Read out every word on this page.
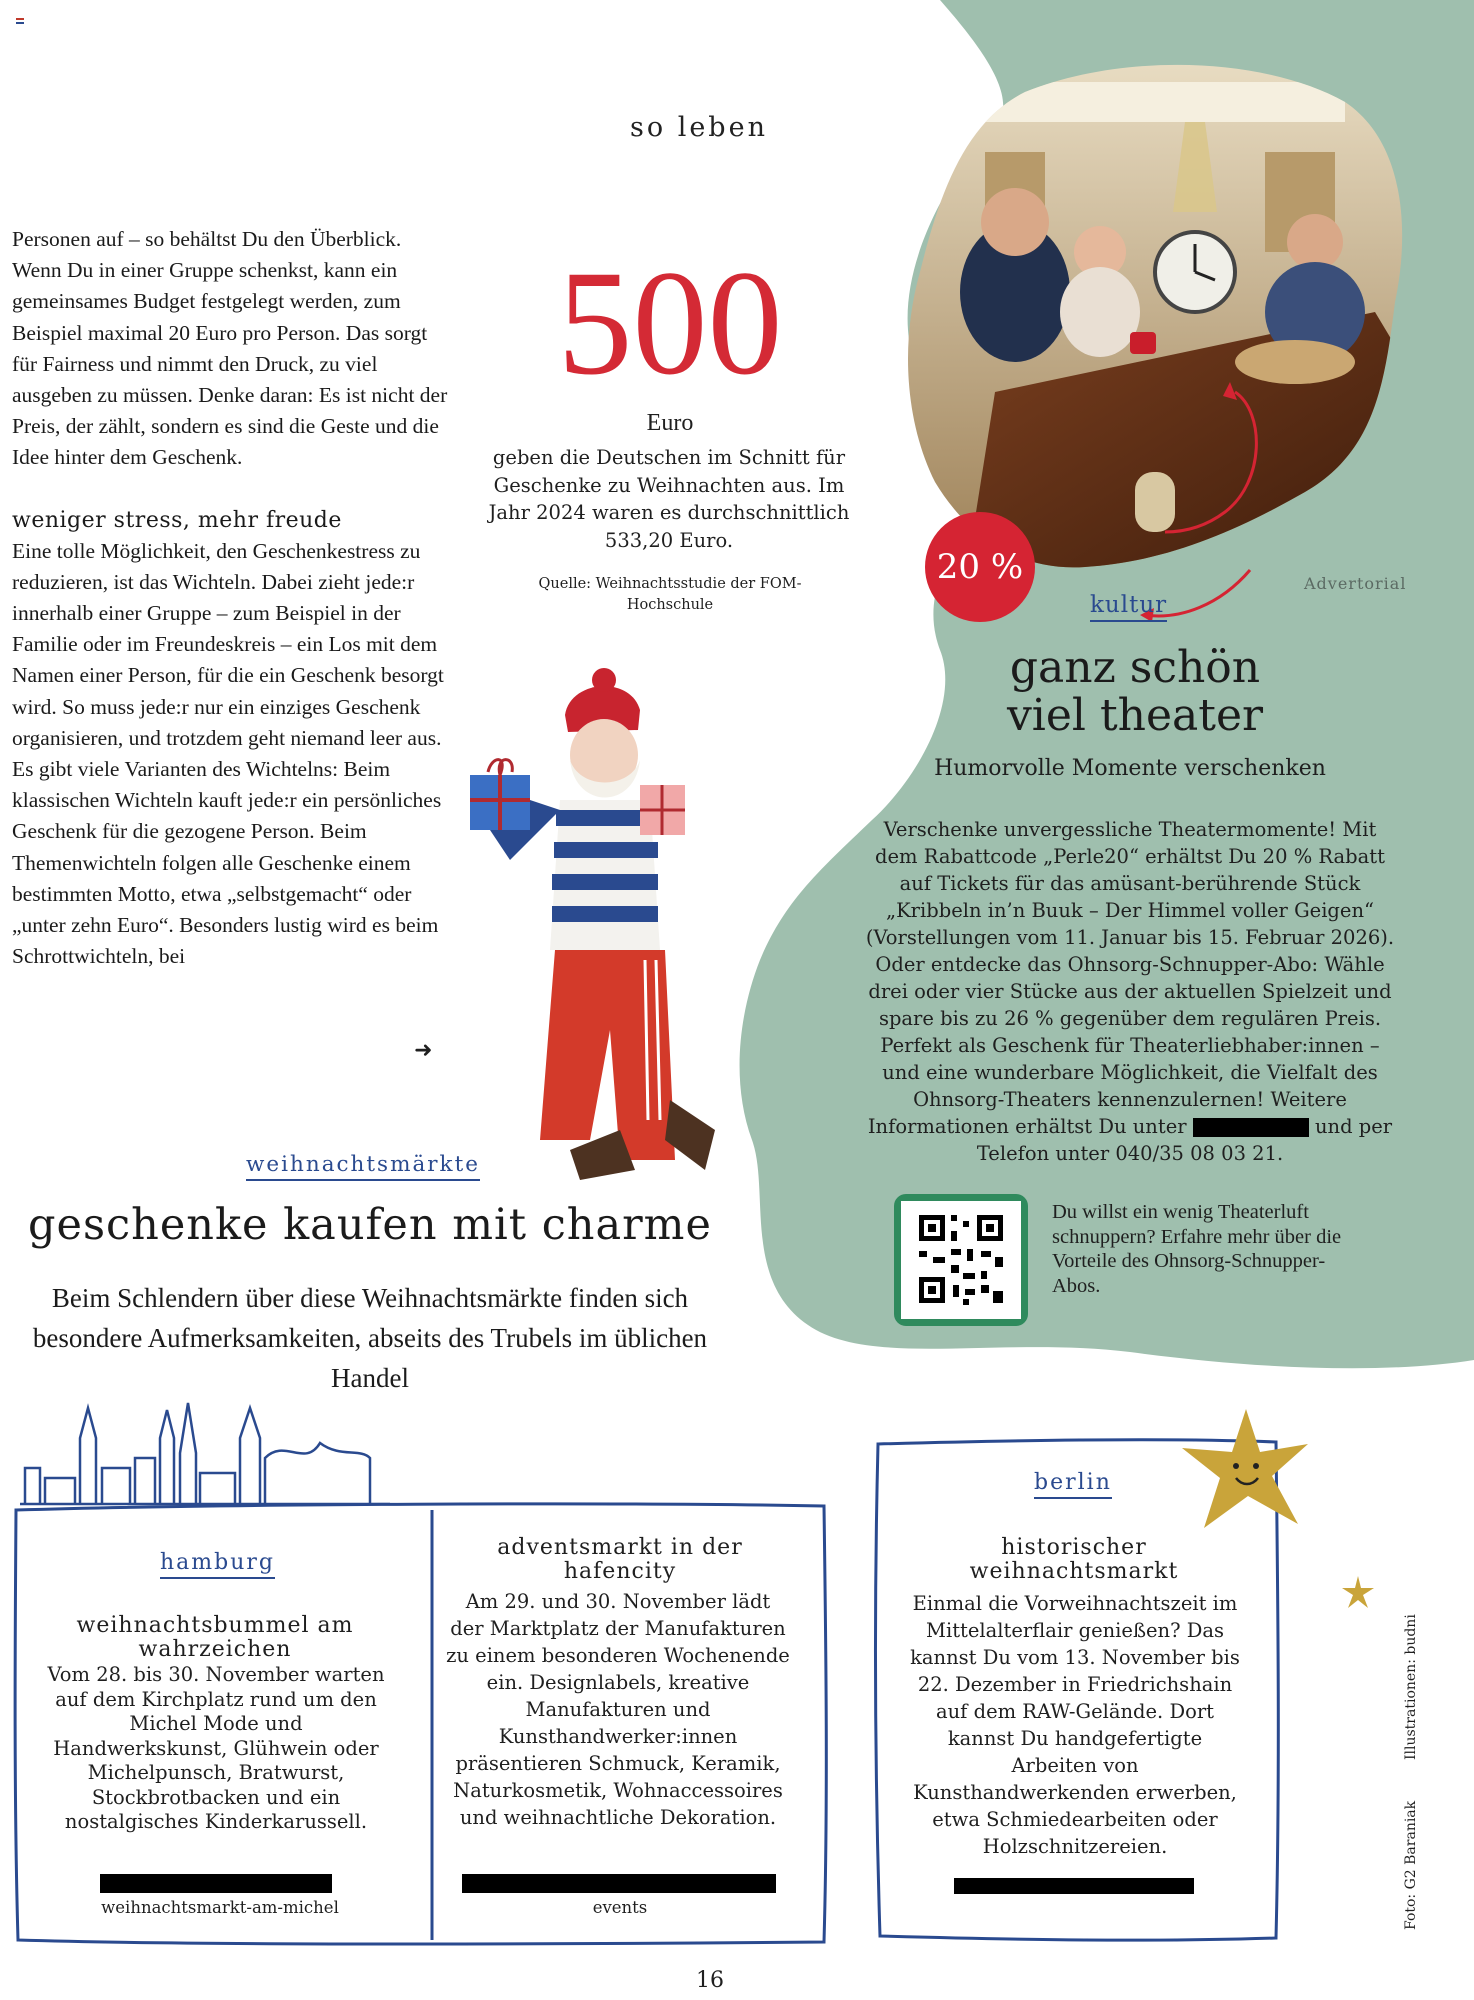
so leben

Personen auf – so behältst Du den Überblick. Wenn Du in einer Gruppe schenkst, kann ein gemeinsames Budget festgelegt werden, zum Beispiel maximal 20 Euro pro Person. Das sorgt für Fairness und nimmt den Druck, zu viel ausgeben zu müssen. Denke daran: Es ist nicht der Preis, der zählt, sondern es sind die Geste und die Idee hinter dem Geschenk.

weniger stress, mehr freude

Eine tolle Möglichkeit, den Geschenkestress zu reduzieren, ist das Wichteln. Dabei zieht jede:r innerhalb einer Gruppe – zum Beispiel in der Familie oder im Freundeskreis – ein Los mit dem Namen einer Person, für die ein Geschenk besorgt wird. So muss jede:r nur ein einziges Geschenk organisieren, und trotzdem geht niemand leer aus. Es gibt viele Varianten des Wichtelns: Beim klassischen Wichteln kauft jede:r ein persönliches Geschenk für die gezogene Person. Beim Themenwichteln folgen alle Geschenke einem bestimmten Motto, etwa „selbstgemacht“ oder „unter zehn Euro“. Besonders lustig wird es beim Schrottwichteln, bei

➜
500
Euro
geben die Deutschen im Schnitt für Geschenke zu Weihnachten aus. Im Jahr 2024 waren es durchschnittlich 533,20 Euro.
Quelle: Weihnachtsstudie der FOM-Hochschule
20 %
kultur
Advertorial
ganz schön
viel theater
Humorvolle Momente verschenken
Verschenke unvergessliche Theatermomente! Mit dem Rabattcode „Perle20“ erhältst Du 20 % Rabatt auf Tickets für das amüsant-berührende Stück „Kribbeln in’n Buuk – Der Himmel voller Geigen“ (Vorstellungen vom 11. Januar bis 15. Februar 2026). Oder entdecke das Ohnsorg-Schnupper-Abo: Wähle drei oder vier Stücke aus der aktuellen Spielzeit und spare bis zu 26 % gegenüber dem regulären Preis. Perfekt als Geschenk für Theaterliebhaber:innen – und eine wunderbare Möglichkeit, die Vielfalt des Ohnsorg-Theaters kennenzulernen! Weitere Informationen erhältst Du unter	und per Telefon unter 040/35 08 03 21.
Du willst ein wenig Theaterluft schnuppern? Erfahre mehr über die Vorteile des Ohnsorg-Schnupper-Abos.
weihnachtsmärkte
geschenke kaufen mit charme
Beim Schlendern über diese Weihnachtsmärkte finden sich besondere Aufmerksamkeiten, abseits des Trubels im üblichen Handel
hamburg
weihnachtsbummel am wahrzeichen
Vom 28. bis 30. November warten auf dem Kirchplatz rund um den Michel Mode und Handwerkskunst, Glühwein oder Michelpunsch, Bratwurst, Stockbrotbacken und ein nostalgisches Kinderkarussell.
weihnachtsmarkt-am-michel
adventsmarkt in der hafencity
Am 29. und 30. November lädt der Marktplatz der Manufakturen zu einem besonderen Wochenende ein. Designlabels, kreative Manufakturen und Kunsthandwerker:innen präsentieren Schmuck, Keramik, Naturkosmetik, Wohnaccessoires und weihnachtliche Dekoration.
events
berlin
historischer weihnachtsmarkt
Einmal die Vorweihnachtszeit im Mittelalterflair genießen? Das kannst Du vom 13. November bis 22. Dezember in Friedrichshain auf dem RAW-Gelände. Dort kannst Du handgefertigte Arbeiten von Kunsthandwerkenden erwerben, etwa Schmiedearbeiten oder Holzschnitzereien.	Foto: G2 Baraniak
Illustrationen: budni
16
